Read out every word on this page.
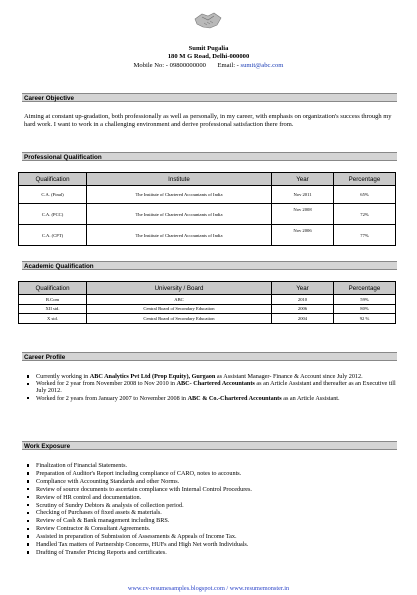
Sumit Pugalia
180 M G Road, Delhi-000000
Mobile No: - 09800000000 Email: - sumit@abc.com
Career Objective
Aiming at constant up-gradation, both professionally as well as personally, in my career, with emphasis on organization's success through my hard work. I want to work in a challenging environment and derive professional satisfaction there from.
Professional Qualification
Qualification	Institute	Year	Percentage
C.A. (Final)	The Institute of Chartered Accountants of India	Nov 2011	65%
C.A. (PCC)	The Institute of Chartered Accountants of India	Nov 2008	72%
C.A. (CPT)	The Institute of Chartered Accountants of India	Nov 2006	77%
Academic Qualification
Qualification	University / Board	Year	Percentage
B.Com	ABC	2010	59%
XII std.	Central Board of Secondary Education	2006	80%
X std.	Central Board of Secondary Education	2004	92 %
Career Profile
Currently working in ABC Analytics Pvt Ltd (Prop Equity), Gurgaon as Assistant Manager- Finance & Account since July 2012.
Worked for 2 year from November 2008 to Nov 2010 in ABC- Chartered Accountants as an Article Assistant and thereafter as an Executive till July 2012.
Worked for 2 years from January 2007 to November 2008 in ABC & Co.-Chartered Accountants as an Article Assistant.
Work Exposure
Finalization of Financial Statements.
Preparation of Auditor's Report including compliance of CARO, notes to accounts.
Compliance with Accounting Standards and other Norms.
Review of source documents to ascertain compliance with Internal Control Procedures.
Review of HR control and documentation.
Scrutiny of Sundry Debtors & analysis of collection period.
Checking of Purchases of fixed assets & materials.
Review of Cash & Bank management including BRS.
Review Contractor & Consultant Agreements.
Assisted in preparation of Submission of Assessments & Appeals of Income Tax.
Handled Tax matters of Partnership Concerns, HUFs and High Net worth Individuals.
Drafting of Transfer Pricing Reports and certificates.
www.cv-resumesamples.blogspot.com / www.resumemonster.in
